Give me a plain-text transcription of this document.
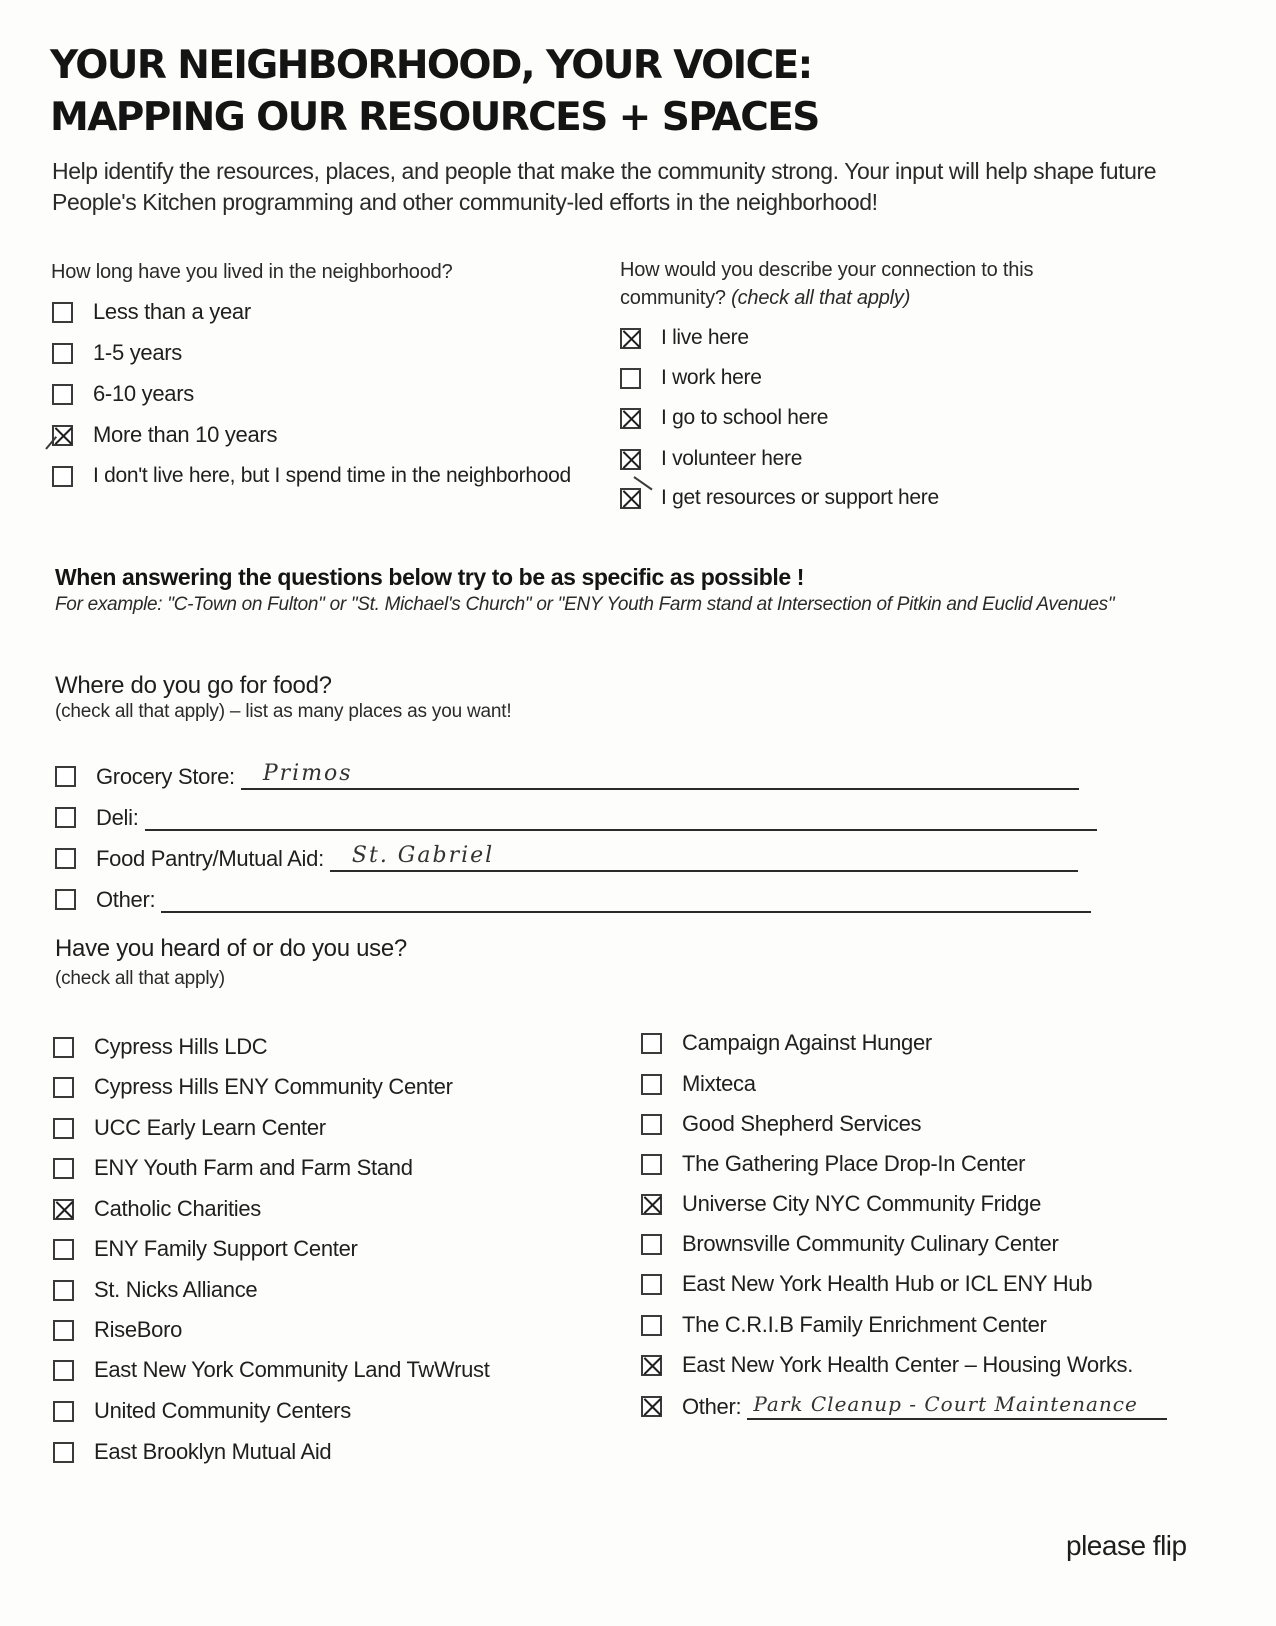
YOUR NEIGHBORHOOD, YOUR VOICE:
MAPPING OUR RESOURCES + SPACES
Help identify the resources, places, and people that make the community strong. Your input will help shape future People's Kitchen programming and other community-led efforts in the neighborhood!
How long have you lived in the neighborhood?
Less than a year
1-5 years
6-10 years
More than 10 years
I don't live here, but I spend time in the neighborhood
How would you describe your connection to this
community? (check all that apply)
I live here
I work here
I go to school here
I volunteer here
I get resources or support here
When answering the questions below try to be as specific as possible !
For example: "C-Town on Fulton" or "St. Michael's Church" or "ENY Youth Farm stand at Intersection of Pitkin and Euclid Avenues"
Where do you go for food?
(check all that apply) – list as many places as you want!
Grocery Store: Primos
Deli:
Food Pantry/Mutual Aid: St. Gabriel
Other:
Have you heard of or do you use?
(check all that apply)
Cypress Hills LDC
Cypress Hills ENY Community Center
UCC Early Learn Center
ENY Youth Farm and Farm Stand
Catholic Charities
ENY Family Support Center
St. Nicks Alliance
RiseBoro
East New York Community Land TwWrust
United Community Centers
East Brooklyn Mutual Aid
Campaign Against Hunger
Mixteca
Good Shepherd Services
The Gathering Place Drop-In Center
Universe City NYC Community Fridge
Brownsville Community Culinary Center
East New York Health Hub or ICL ENY Hub
The C.R.I.B Family Enrichment Center
East New York Health Center – Housing Works.
Other: Park Cleanup - Court Maintenance
please flip
